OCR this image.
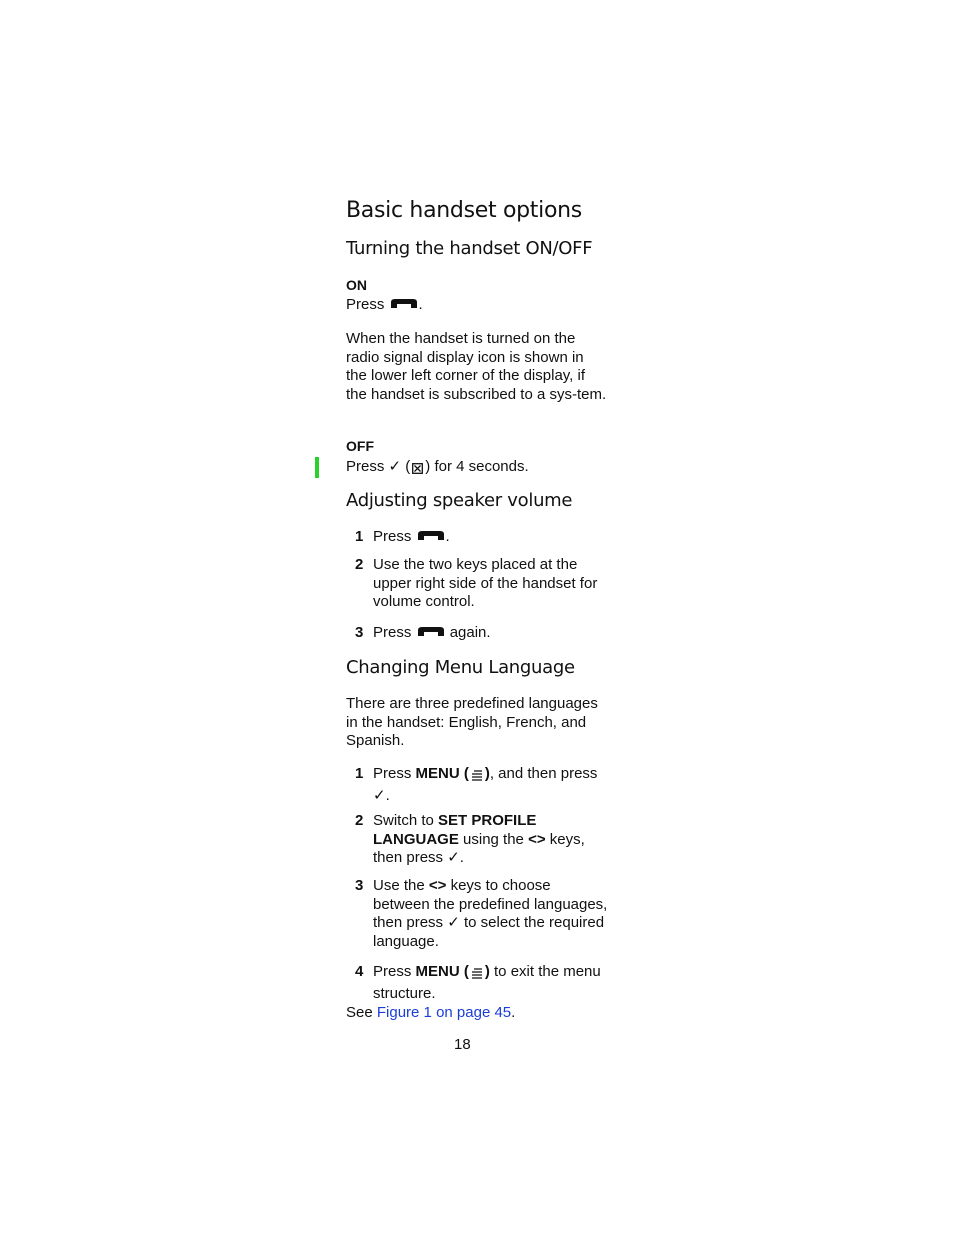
Basic handset options
Turning the handset ON/OFF
ON
Press .
When the handset is turned on the radio signal display icon is shown in the lower left corner of the display, if the handset is subscribed to a sys-tem.
OFF
Press ✓ ( ) for 4 seconds.
Adjusting speaker volume
1 Press .
2 Use the two keys placed at the upper right side of the handset for volume control.
3 Press	again.
Changing Menu Language
There are three predefined languages in the handset: English, French, and Spanish.
1 Press MENU ( ), and then press ✓.
2 Switch to SET PROFILE LANGUAGE using the <> keys, then press ✓.
3 Use the <> keys to choose between the predefined languages, then press ✓ to select the required language.
4 Press MENU ( ) to exit the menu structure.
See Figure 1 on page 45.
18
